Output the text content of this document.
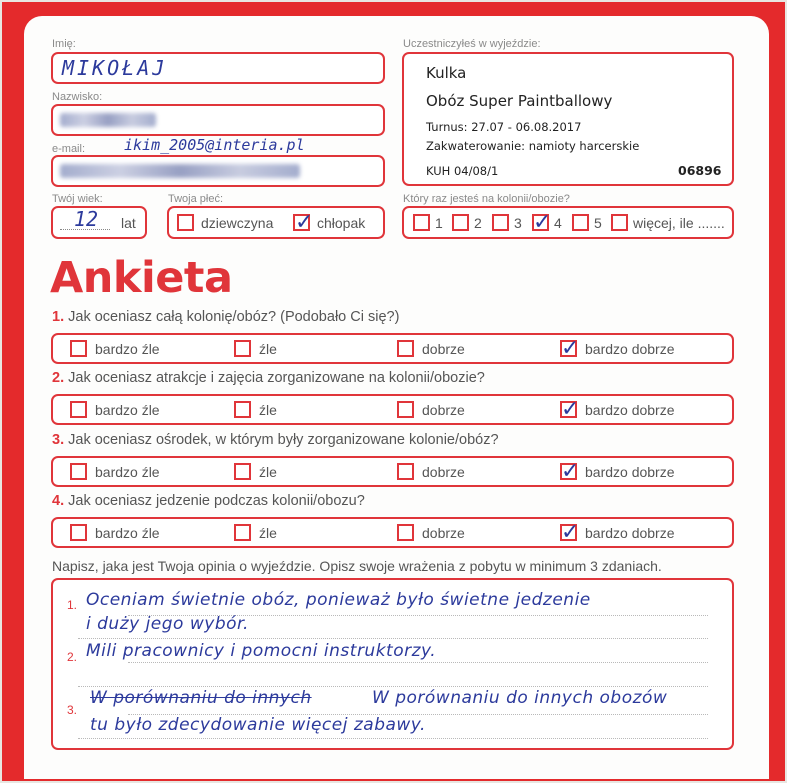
Imię:
MIKOŁAJ
Nazwisko:
e-mail:	ikim_2005@interia.pl
Twój wiek:
12 lat
Twoja płeć:
dziewczyna ✓ chłopak
Uczestniczyłeś w wyjeździe:
Kulka
Obóz Super Paintballowy
Turnus: 27.07 - 06.08.2017
Zakwaterowanie: namioty harcerskie
KUH 04/08/1	06896
Który raz jesteś na kolonii/obozie?
1 2 3 ✓ 4 5 więcej, ile .......
Ankieta
1. Jak oceniasz całą kolonię/obóz? (Podobało Ci się?)
bardzo źle	źle	dobrze	✓ bardzo dobrze
2. Jak oceniasz atrakcje i zajęcia zorganizowane na kolonii/obozie?
bardzo źle	źle	dobrze	✓ bardzo dobrze
3. Jak oceniasz ośrodek, w którym były zorganizowane kolonie/obóz?
bardzo źle	źle	dobrze	✓ bardzo dobrze
4. Jak oceniasz jedzenie podczas kolonii/obozu?
bardzo źle	źle	dobrze	✓ bardzo dobrze
Napisz, jaka jest Twoja opinia o wyjeździe. Opisz swoje wrażenia z pobytu w minimum 3 zdaniach.
1.
2.
3.
Oceniam świetnie obóz, ponieważ było świetne jedzenie
i duży jego wybór.
Mili pracownicy i pomocni instruktorzy.
W porównaniu do innych	W porównaniu do innych obozów
tu było zdecydowanie więcej zabawy.
